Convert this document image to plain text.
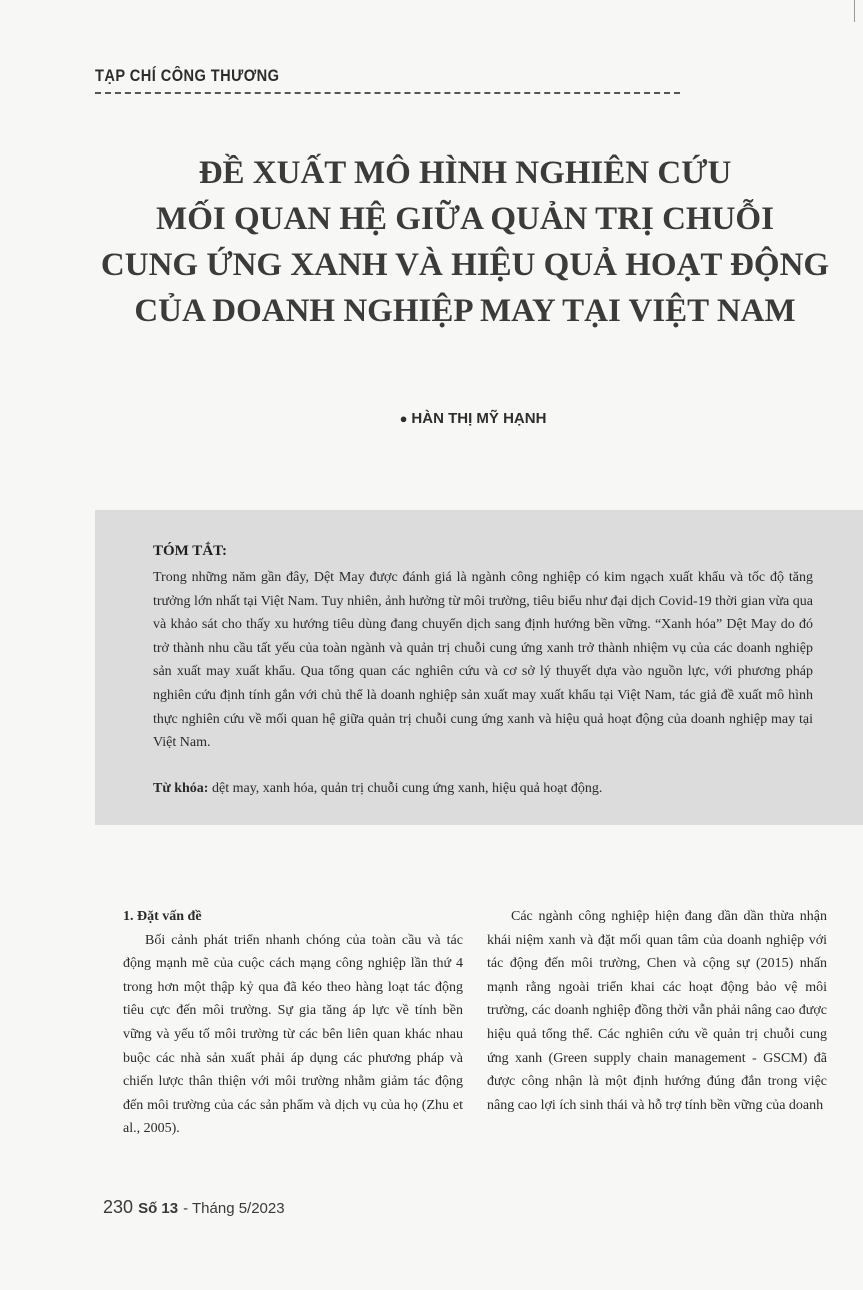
TẠP CHÍ CÔNG THƯƠNG
ĐỀ XUẤT MÔ HÌNH NGHIÊN CỨU
MỐI QUAN HỆ GIỮA QUẢN TRỊ CHUỖI
CUNG ỨNG XANH VÀ HIỆU QUẢ HOẠT ĐỘNG
CỦA DOANH NGHIỆP MAY TẠI VIỆT NAM
● HÀN THỊ MỸ HẠNH
TÓM TẮT:

Trong những năm gần đây, Dệt May được đánh giá là ngành công nghiệp có kim ngạch xuất khẩu và tốc độ tăng trưởng lớn nhất tại Việt Nam. Tuy nhiên, ảnh hưởng từ môi trường, tiêu biểu như đại dịch Covid-19 thời gian vừa qua và khảo sát cho thấy xu hướng tiêu dùng đang chuyển dịch sang định hướng bền vững. “Xanh hóa” Dệt May do đó trở thành nhu cầu tất yếu của toàn ngành và quản trị chuỗi cung ứng xanh trở thành nhiệm vụ của các doanh nghiệp sản xuất may xuất khẩu. Qua tổng quan các nghiên cứu và cơ sở lý thuyết dựa vào nguồn lực, với phương pháp nghiên cứu định tính gắn với chủ thể là doanh nghiệp sản xuất may xuất khẩu tại Việt Nam, tác giả đề xuất mô hình thực nghiên cứu về mối quan hệ giữa quản trị chuỗi cung ứng xanh và hiệu quả hoạt động của doanh nghiệp may tại Việt Nam.

Từ khóa: dệt may, xanh hóa, quản trị chuỗi cung ứng xanh, hiệu quả hoạt động.
1. Đặt vấn đề

Bối cảnh phát triển nhanh chóng của toàn cầu và tác động mạnh mẽ của cuộc cách mạng công nghiệp lần thứ 4 trong hơn một thập kỷ qua đã kéo theo hàng loạt tác động tiêu cực đến môi trường. Sự gia tăng áp lực về tính bền vững và yếu tố môi trường từ các bên liên quan khác nhau buộc các nhà sản xuất phải áp dụng các phương pháp và chiến lược thân thiện với môi trường nhằm giảm tác động đến môi trường của các sản phẩm và dịch vụ của họ (Zhu et al., 2005).

Các ngành công nghiệp hiện đang dần dần thừa nhận khái niệm xanh và đặt mối quan tâm của doanh nghiệp với tác động đến môi trường, Chen và cộng sự (2015) nhấn mạnh rằng ngoài triển khai các hoạt động bảo vệ môi trường, các doanh nghiệp đồng thời vẫn phải nâng cao được hiệu quả tổng thể. Các nghiên cứu về quản trị chuỗi cung ứng xanh (Green supply chain management - GSCM) đã được công nhận là một định hướng đúng đắn trong việc nâng cao lợi ích sinh thái và hỗ trợ tính bền vững của doanh

230 Số 13 - Tháng 5/2023
